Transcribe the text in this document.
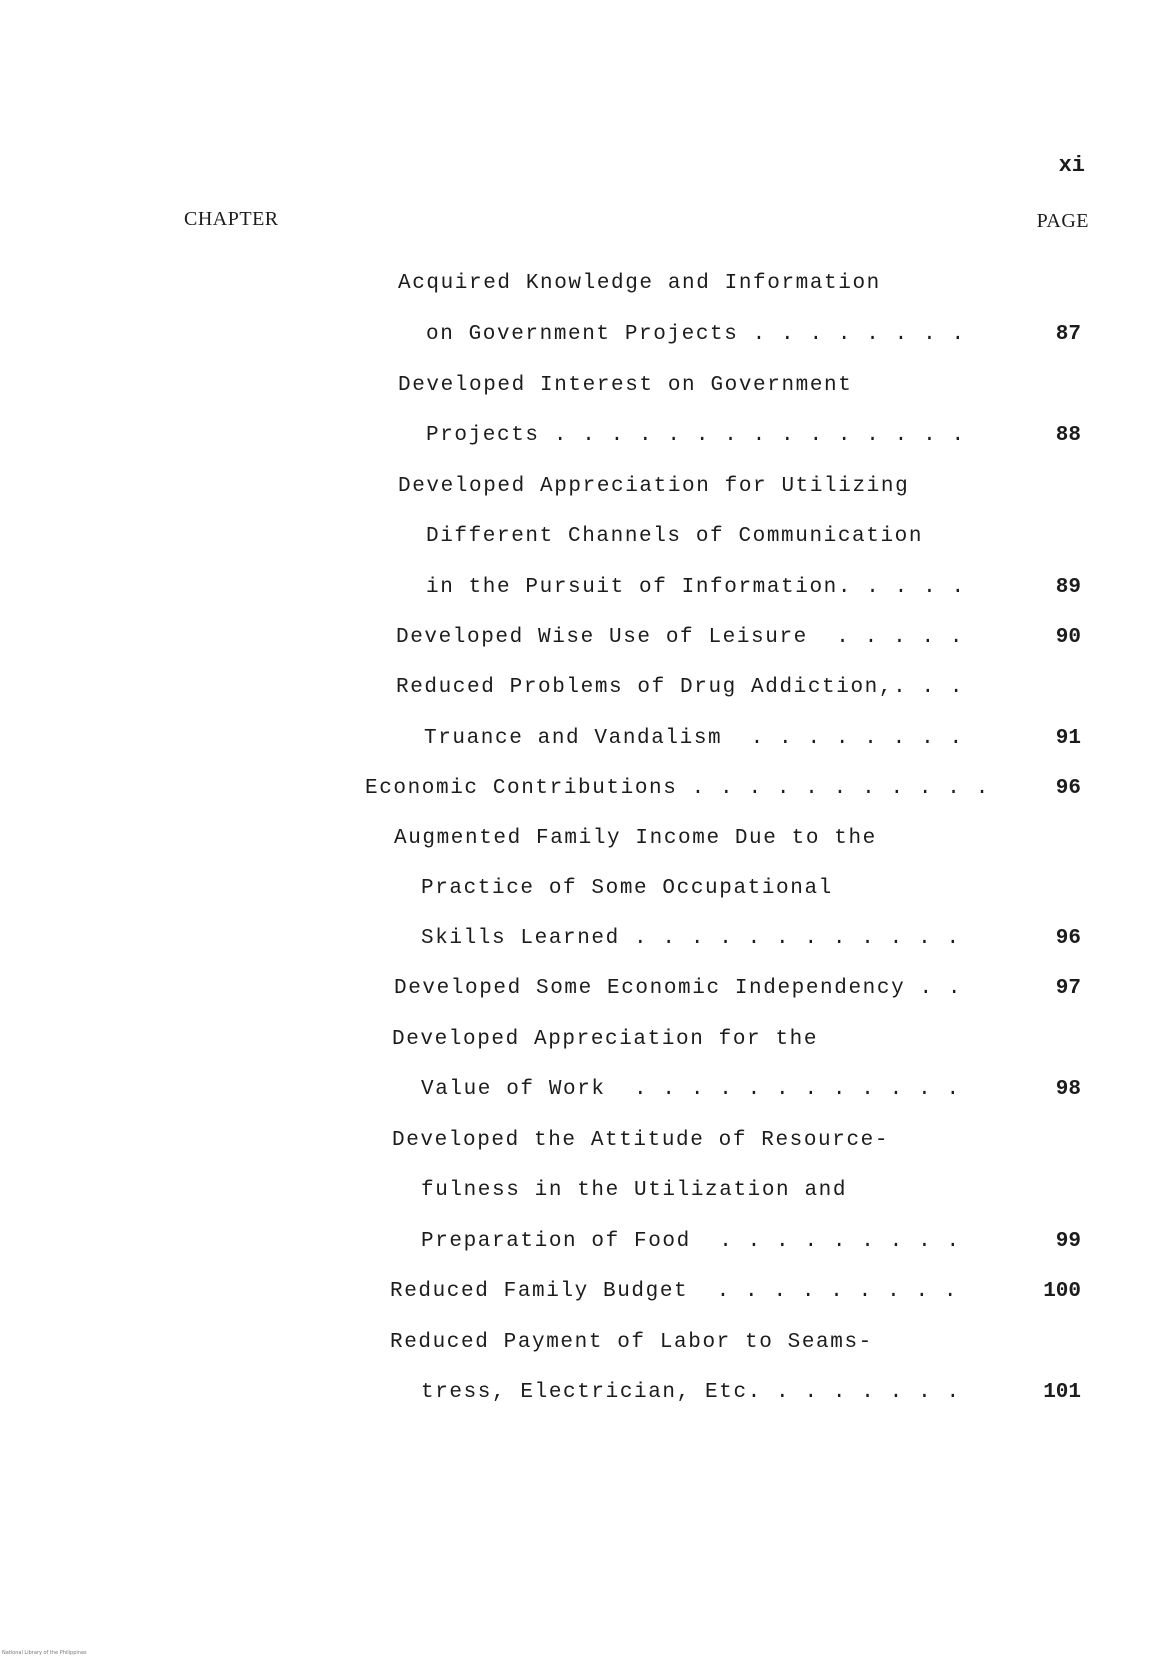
xi
CHAPTER	PAGE
Acquired Knowledge and Information
on Government Projects . . . . . . . .	87
Developed Interest on Government
Projects . . . . . . . . . . . . . . .	88
Developed Appreciation for Utilizing
Different Channels of Communication
in the Pursuit of Information. . . . .	89
Developed Wise Use of Leisure  . . . . .	90
Reduced Problems of Drug Addiction,. . .
Truance and Vandalism  . . . . . . . .	91
Economic Contributions . . . . . . . . . . .	96
Augmented Family Income Due to the
Practice of Some Occupational
Skills Learned . . . . . . . . . . . .	96
Developed Some Economic Independency . .	97
Developed Appreciation for the
Value of Work  . . . . . . . . . . . .	98
Developed the Attitude of Resource-
fulness in the Utilization and
Preparation of Food  . . . . . . . . .	99
Reduced Family Budget  . . . . . . . . .	100
Reduced Payment of Labor to Seams-
tress, Electrician, Etc. . . . . . . .	101
National Library of the Philippines
